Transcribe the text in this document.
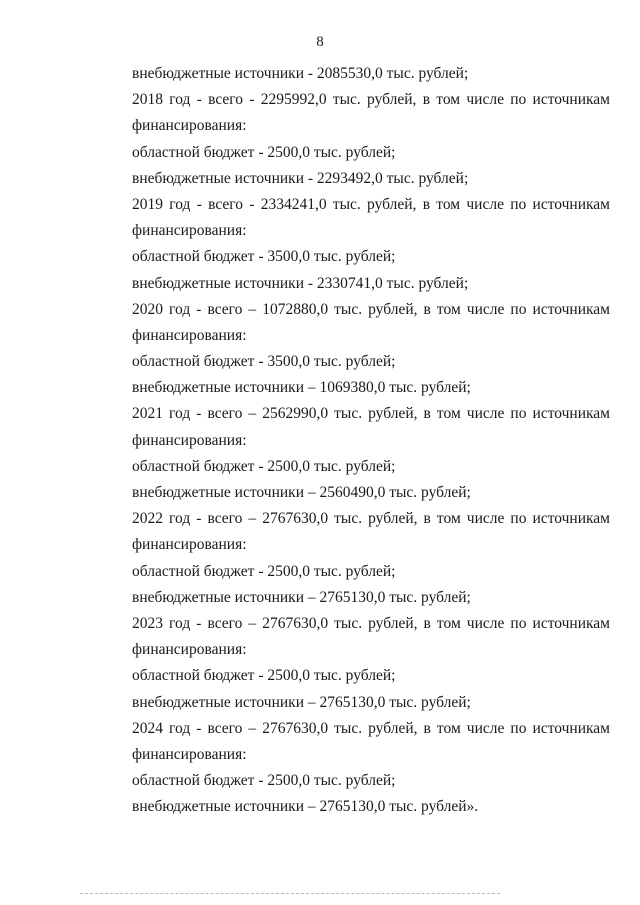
8
внебюджетные источники - 2085530,0 тыс. рублей;
2018 год - всего - 2295992,0 тыс. рублей, в том числе по источникам
финансирования:
областной бюджет - 2500,0 тыс. рублей;
внебюджетные источники - 2293492,0 тыс. рублей;
2019 год - всего - 2334241,0 тыс. рублей, в том числе по источникам
финансирования:
областной бюджет - 3500,0 тыс. рублей;
внебюджетные источники - 2330741,0 тыс. рублей;
2020 год - всего – 1072880,0 тыс. рублей, в том числе по источникам
финансирования:
областной бюджет - 3500,0 тыс. рублей;
внебюджетные источники – 1069380,0 тыс. рублей;
2021 год - всего – 2562990,0 тыс. рублей, в том числе по источникам
финансирования:
областной бюджет - 2500,0 тыс. рублей;
внебюджетные источники – 2560490,0 тыс. рублей;
2022 год - всего – 2767630,0 тыс. рублей, в том числе по источникам
финансирования:
областной бюджет - 2500,0 тыс. рублей;
внебюджетные источники – 2765130,0 тыс. рублей;
2023 год - всего – 2767630,0 тыс. рублей, в том числе по источникам
финансирования:
областной бюджет - 2500,0 тыс. рублей;
внебюджетные источники – 2765130,0 тыс. рублей;
2024 год - всего – 2767630,0 тыс. рублей, в том числе по источникам
финансирования:
областной бюджет - 2500,0 тыс. рублей;
внебюджетные источники – 2765130,0 тыс. рублей».
